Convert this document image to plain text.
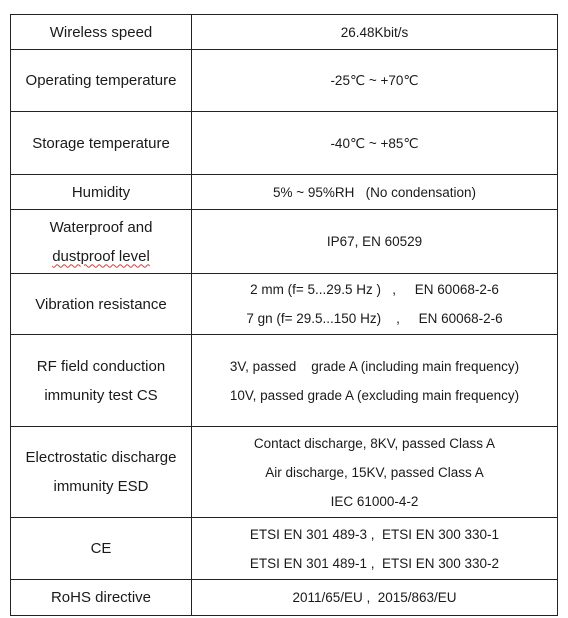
Wireless speed	26.48Kbit/s

Operating temperature	-25℃ ~ +70℃

Storage temperature	-40℃ ~ +85℃

Humidity	5% ~ 95%RH   (No condensation)

Waterproof and
dustproof level	IP67, EN 60529

Vibration resistance	2 mm (f= 5...29.5 Hz )   ,     EN 60068-2-6
7 gn (f= 29.5...150 Hz)    ,     EN 60068-2-6

RF field conduction
immunity test CS	3V, passed    grade A (including main frequency)
10V, passed grade A (excluding main frequency)

Electrostatic discharge
immunity ESD	Contact discharge, 8KV, passed Class A
Air discharge, 15KV, passed Class A
IEC 61000-4-2

CE	ETSI EN 301 489-3 ,  ETSI EN 300 330-1
ETSI EN 301 489-1 ,  ETSI EN 300 330-2

RoHS directive	2011/65/EU ,  2015/863/EU
